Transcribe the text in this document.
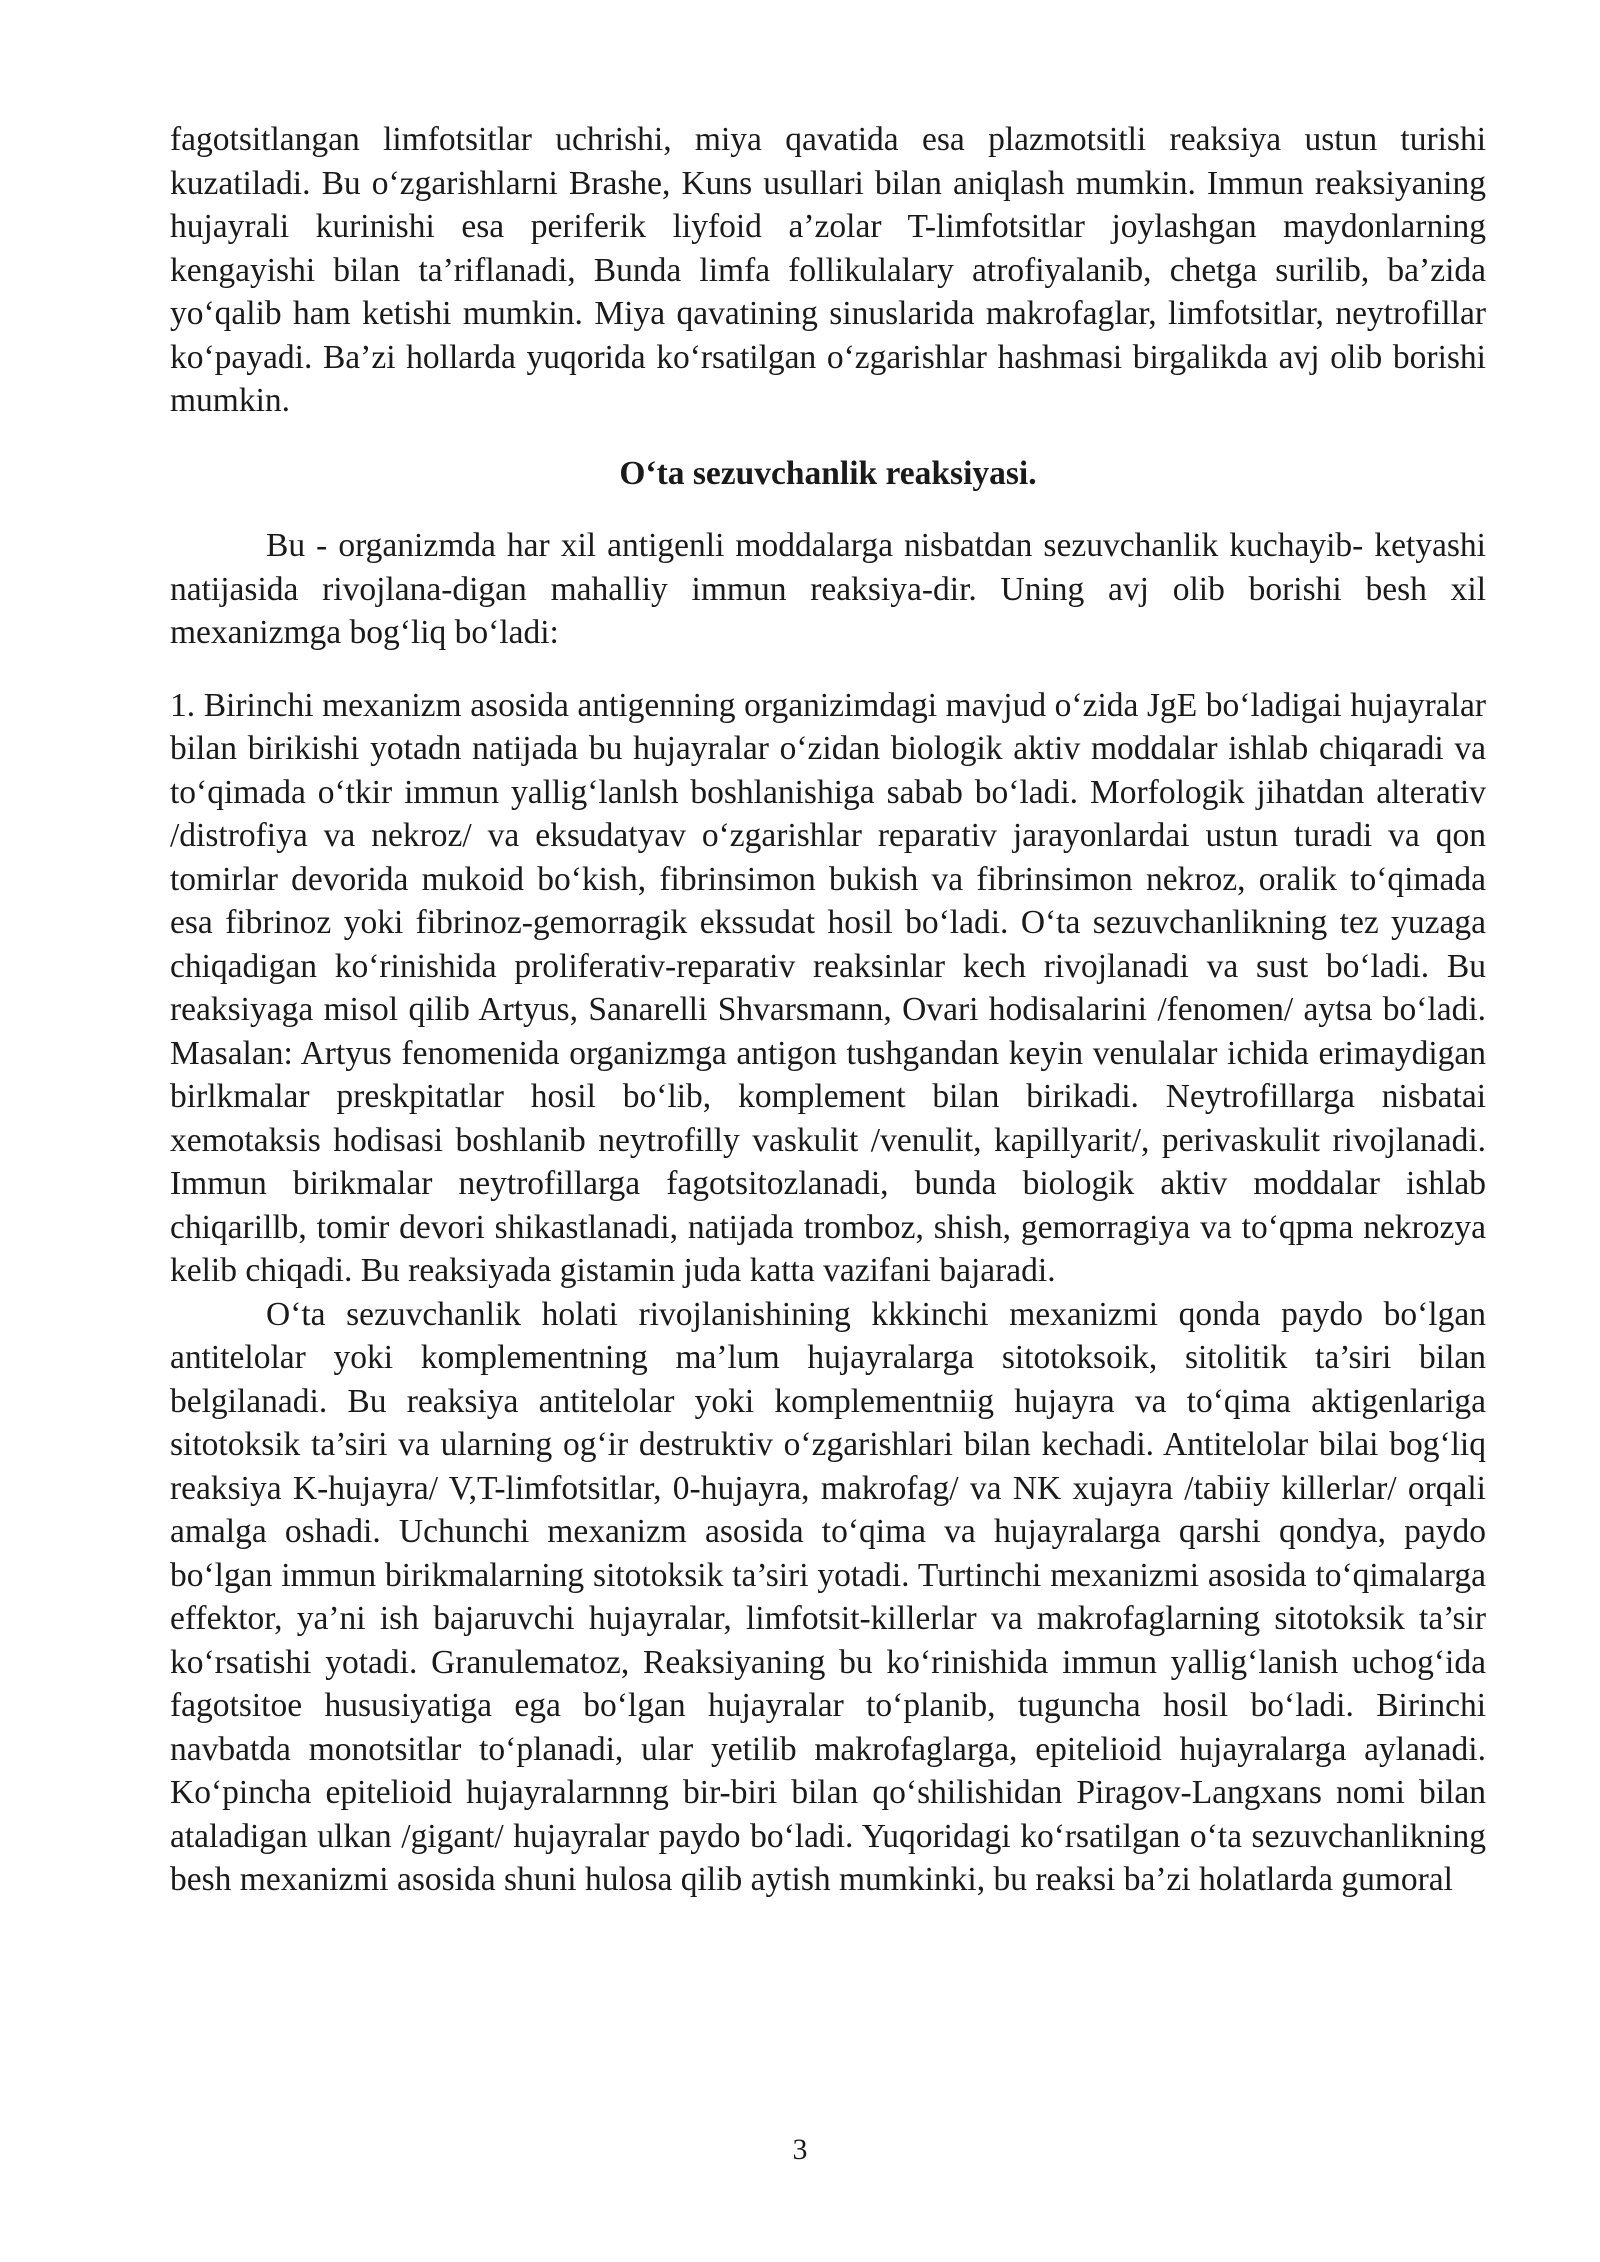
fagotsitlangan limfotsitlar uchrishi, miya qavatida esa plazmotsitli reaksiya ustun turishi kuzatiladi. Bu o‘zgarishlarni Brashe, Kuns usullari bilan aniqlash mumkin. Immun reaksiyaning hujayrali kurinishi esa periferik liyfoid a’zolar T-limfotsitlar joylashgan maydonlarning kengayishi bilan ta’riflanadi, Bunda limfa follikulalary atrofiyalanib, chetga surilib, ba’zida yo‘qalib ham ketishi mumkin. Miya qavatining sinuslarida makrofaglar, limfotsitlar, neytrofillar ko‘payadi. Ba’zi hollarda yuqorida ko‘rsatilgan o‘zgarishlar hashmasi birgalikda avj olib borishi mumkin.

O‘ta sezuvchanlik reaksiyasi.

Bu - organizmda har xil antigenli moddalarga nisbatdan sezuvchanlik kuchayib- ketyashi natijasida rivojlana-digan mahalliy immun reaksiya-dir. Uning avj olib borishi besh xil mexanizmga bog‘liq bo‘ladi:

1. Birinchi mexanizm asosida antigenning organizimdagi mavjud o‘zida JgE bo‘ladigai hujayralar bilan birikishi yotadn natijada bu hujayralar o‘zidan biologik aktiv moddalar ishlab chiqaradi va to‘qimada o‘tkir immun yallig‘lanlsh boshlanishiga sabab bo‘ladi. Morfologik jihatdan alterativ /distrofiya va nekroz/ va eksudatyav o‘zgarishlar reparativ jarayonlardai ustun turadi va qon tomirlar devorida mukoid bo‘kish, fibrinsimon bukish va fibrinsimon nekroz, oralik to‘qimada esa fibrinoz yoki fibrinoz-gemorragik ekssudat hosil bo‘ladi. O‘ta sezuvchanlikning tez yuzaga chiqadigan ko‘rinishida proliferativ-reparativ reaksinlar kech rivojlanadi va sust bo‘ladi. Bu reaksiyaga misol qilib Artyus, Sanarelli Shvarsmann, Ovari hodisalarini /fenomen/ aytsa bo‘ladi. Masalan: Artyus fenomenida organizmga antigon tushgandan keyin venulalar ichida erimaydigan birlkmalar preskpitatlar hosil bo‘lib, komplement bilan birikadi. Neytrofillarga nisbatai xemotaksis hodisasi boshlanib neytrofilly vaskulit /venulit, kapillyarit/, perivaskulit rivojlanadi. Immun birikmalar neytrofillarga fagotsitozlanadi, bunda biologik aktiv moddalar ishlab chiqarillb, tomir devori shikastlanadi, natijada tromboz, shish, gemorragiya va to‘qpma nekrozya kelib chiqadi. Bu reaksiyada gistamin juda katta vazifani bajaradi.

O‘ta sezuvchanlik holati rivojlanishining kkkinchi mexanizmi qonda paydo bo‘lgan antitelolar yoki komplementning ma’lum hujayralarga sitotoksoik, sitolitik ta’siri bilan belgilanadi. Bu reaksiya antitelolar yoki komplementniig hujayra va to‘qima aktigenlariga sitotoksik ta’siri va ularning og‘ir destruktiv o‘zgarishlari bilan kechadi. Antitelolar bilai bog‘liq reaksiya K-hujayra/ V,T-limfotsitlar, 0-hujayra, makrofag/ va NK xujayra /tabiiy killerlar/ orqali amalga oshadi. Uchunchi mexanizm asosida to‘qima va hujayralarga qarshi qondya, paydo bo‘lgan immun birikmalarning sitotoksik ta’siri yotadi. Turtinchi mexanizmi asosida to‘qimalarga effektor, ya’ni ish bajaruvchi hujayralar, limfotsit-killerlar va makrofaglarning sitotoksik ta’sir ko‘rsatishi yotadi. Granulematoz, Reaksiyaning bu ko‘rinishida immun yallig‘lanish uchog‘ida fagotsitoe hususiyatiga ega bo‘lgan hujayralar to‘planib, tuguncha hosil bo‘ladi. Birinchi navbatda monotsitlar to‘planadi, ular yetilib makrofaglarga, epitelioid hujayralarga aylanadi. Ko‘pincha epitelioid hujayralarnnng bir-biri bilan qo‘shilishidan Piragov-Langxans nomi bilan ataladigan ulkan /gigant/ hujayralar paydo bo‘ladi. Yuqoridagi ko‘rsatilgan o‘ta sezuvchanlikning besh mexanizmi asosida shuni hulosa qilib aytish mumkinki, bu reaksi ba’zi holatlarda gumoral

3
